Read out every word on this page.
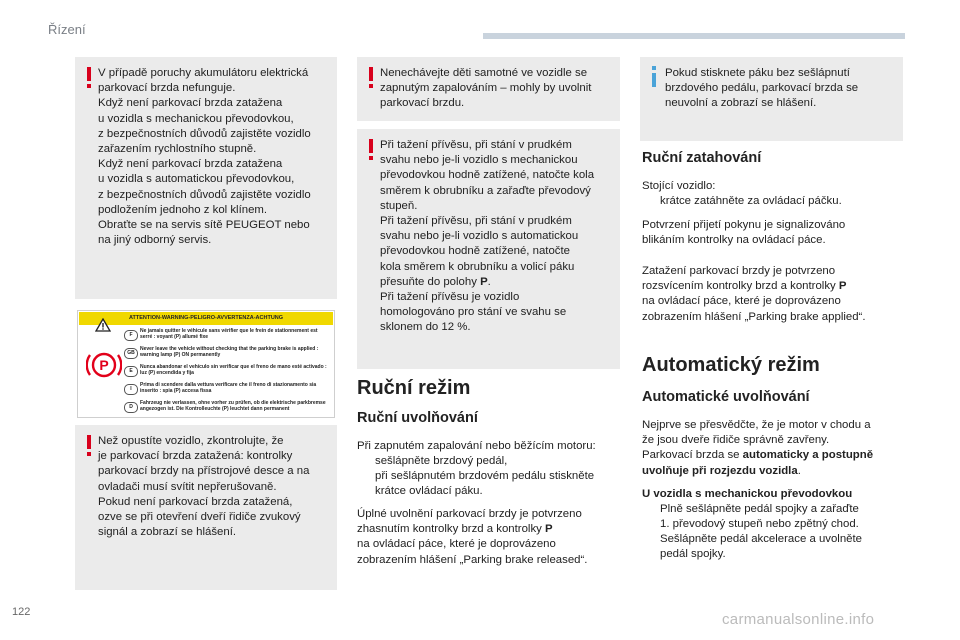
Řízení

V případě poruchy akumulátoru elektrická
parkovací brzda nefunguje.
Když není parkovací brzda zatažena
u vozidla s mechanickou převodovkou,
z bezpečnostních důvodů zajistěte vozidlo
zařazením rychlostního stupně.
Když není parkovací brzda zatažena
u vozidla s automatickou převodovkou,
z bezpečnostních důvodů zajistěte vozidlo
podložením jednoho z kol klínem.
Obraťte se na servis sítě PEUGEOT nebo
na jiný odborný servis.

ATTENTION-WARNING-PELIGRO-AVVERTENZA-ACHTUNG
P
F
Ne jamais quitter le véhicule sans vérifier que le frein de stationnement est serré : voyant (P) allumé fixe
GB
Never leave the vehicle without checking that the parking brake is applied : warning lamp (P) ON permanently
E
Nunca abandonar el vehículo sin verificar que el freno de mano esté activado : luz (P) encendida y fija
I
Prima di scendere dalla vettura verificare che il freno di stazionamento sia inserito : spia (P) accesa fissa
D
Fahrzeug nie verlassen, ohne vorher zu prüfen, ob die elektrische parkbremse angezogen ist. Die Kontrolleuchte (P) leuchtet dann permanent

Než opustíte vozidlo, zkontrolujte, že
je parkovací brzda zatažená: kontrolky
parkovací brzdy na přístrojové desce a na
ovladači musí svítit nepřerušovaně.
Pokud není parkovací brzda zatažená,
ozve se při otevření dveří řidiče zvukový
signál a zobrazí se hlášení.

Nenechávejte děti samotné ve vozidle se
zapnutým zapalováním – mohly by uvolnit
parkovací brzdu.

Při tažení přívěsu, při stání v prudkém
svahu nebo je-li vozidlo s mechanickou
převodovkou hodně zatížené, natočte kola
směrem k obrubníku a zařaďte převodový
stupeň.
Při tažení přívěsu, při stání v prudkém
svahu nebo je-li vozidlo s automatickou
převodovkou hodně zatížené, natočte
kola směrem k obrubníku a volicí páku
přesuňte do polohy P.
Při tažení přívěsu je vozidlo
homologováno pro stání ve svahu se
sklonem do 12 %.

Ruční režim
Ruční uvolňování
Při zapnutém zapalování nebo běžícím motoru:
sešlápněte brzdový pedál,
při sešlápnutém brzdovém pedálu stiskněte
krátce ovládací páku.
Úplné uvolnění parkovací brzdy je potvrzeno
zhasnutím kontrolky brzd a kontrolky P
na ovládací páce, které je doprovázeno
zobrazením hlášení „Parking brake released“.

Pokud stisknete páku bez sešlápnutí
brzdového pedálu, parkovací brzda se
neuvolní a zobrazí se hlášení.

Ruční zatahování
Stojící vozidlo:
krátce zatáhněte za ovládací páčku.
Potvrzení přijetí pokynu je signalizováno
blikáním kontrolky na ovládací páce.
Zatažení parkovací brzdy je potvrzeno
rozsvícením kontrolky brzd a kontrolky P
na ovládací páce, které je doprovázeno
zobrazením hlášení „Parking brake applied“.
Automatický režim
Automatické uvolňování
Nejprve se přesvědčte, že je motor v chodu a
že jsou dveře řidiče správně zavřeny.
Parkovací brzda se automaticky a postupně
uvolňuje při rozjezdu vozidla.
U vozidla s mechanickou převodovkou
Plně sešlápněte pedál spojky a zařaďte
1. převodový stupeň nebo zpětný chod.
Sešlápněte pedál akcelerace a uvolněte
pedál spojky.
122	carmanualsonline.info
